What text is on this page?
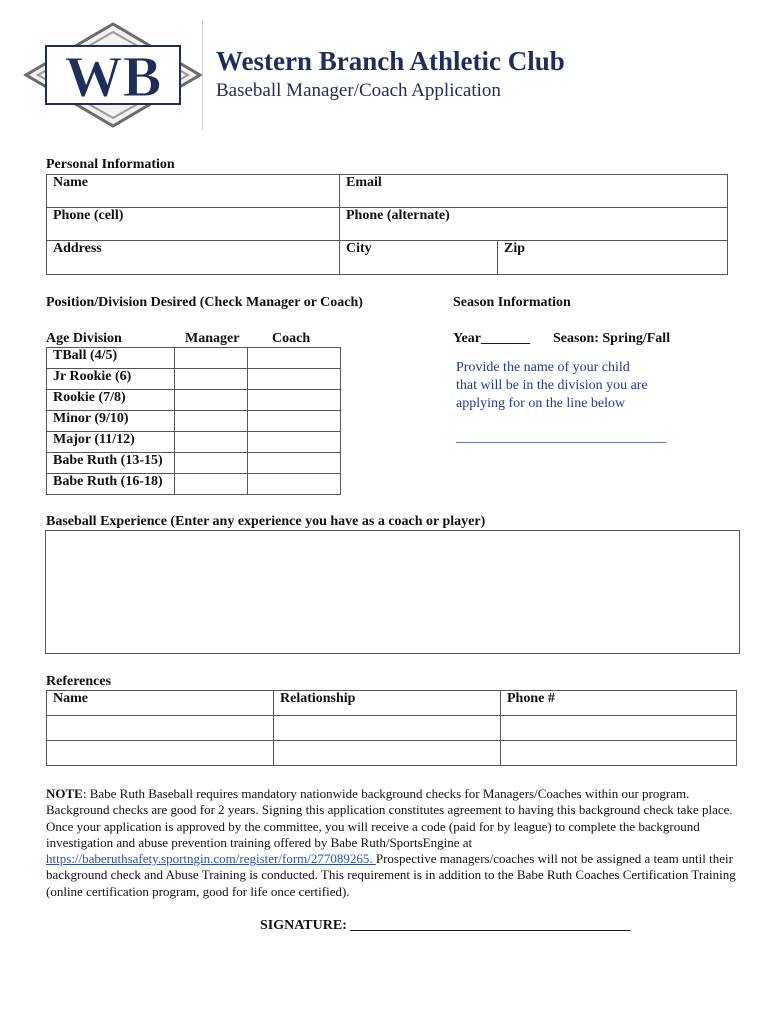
WB Western Branch Athletic Club
Baseball Manager/Coach Application
Personal Information
Name	Email	
Phone (cell)	Phone (alternate)	
Address	City	Zip
Position/Division Desired (Check Manager or Coach)
Age Division	Manager Coach
TBall (4/5)		
Jr Rookie (6)		
Rookie (7/8)		
Minor (9/10)		
Major (11/12)		
Babe Ruth (13-15)		
Babe Ruth (16-18)		
Season Information
Year_______ Season: Spring/Fall
Provide the name of your child
that will be in the division you are
applying for on the line below
______________________________
Baseball Experience (Enter any experience you have as a coach or player)
References
Name	Relationship	Phone #

NOTE: Babe Ruth Baseball requires mandatory nationwide background checks for Managers/Coaches within our program. Background checks are good for 2 years. Signing this application constitutes agreement to having this background check take place. Once your application is approved by the committee, you will receive a code (paid for by league) to complete the background investigation and abuse prevention training offered by Babe Ruth/SportsEngine at https://baberuthsafety.sportngin.com/register/form/277089265. Prospective managers/coaches will not be assigned a team until their background check and Abuse Training is conducted. This requirement is in addition to the Babe Ruth Coaches Certification Training (online certification program, good for life once certified).
SIGNATURE: ________________________________________
